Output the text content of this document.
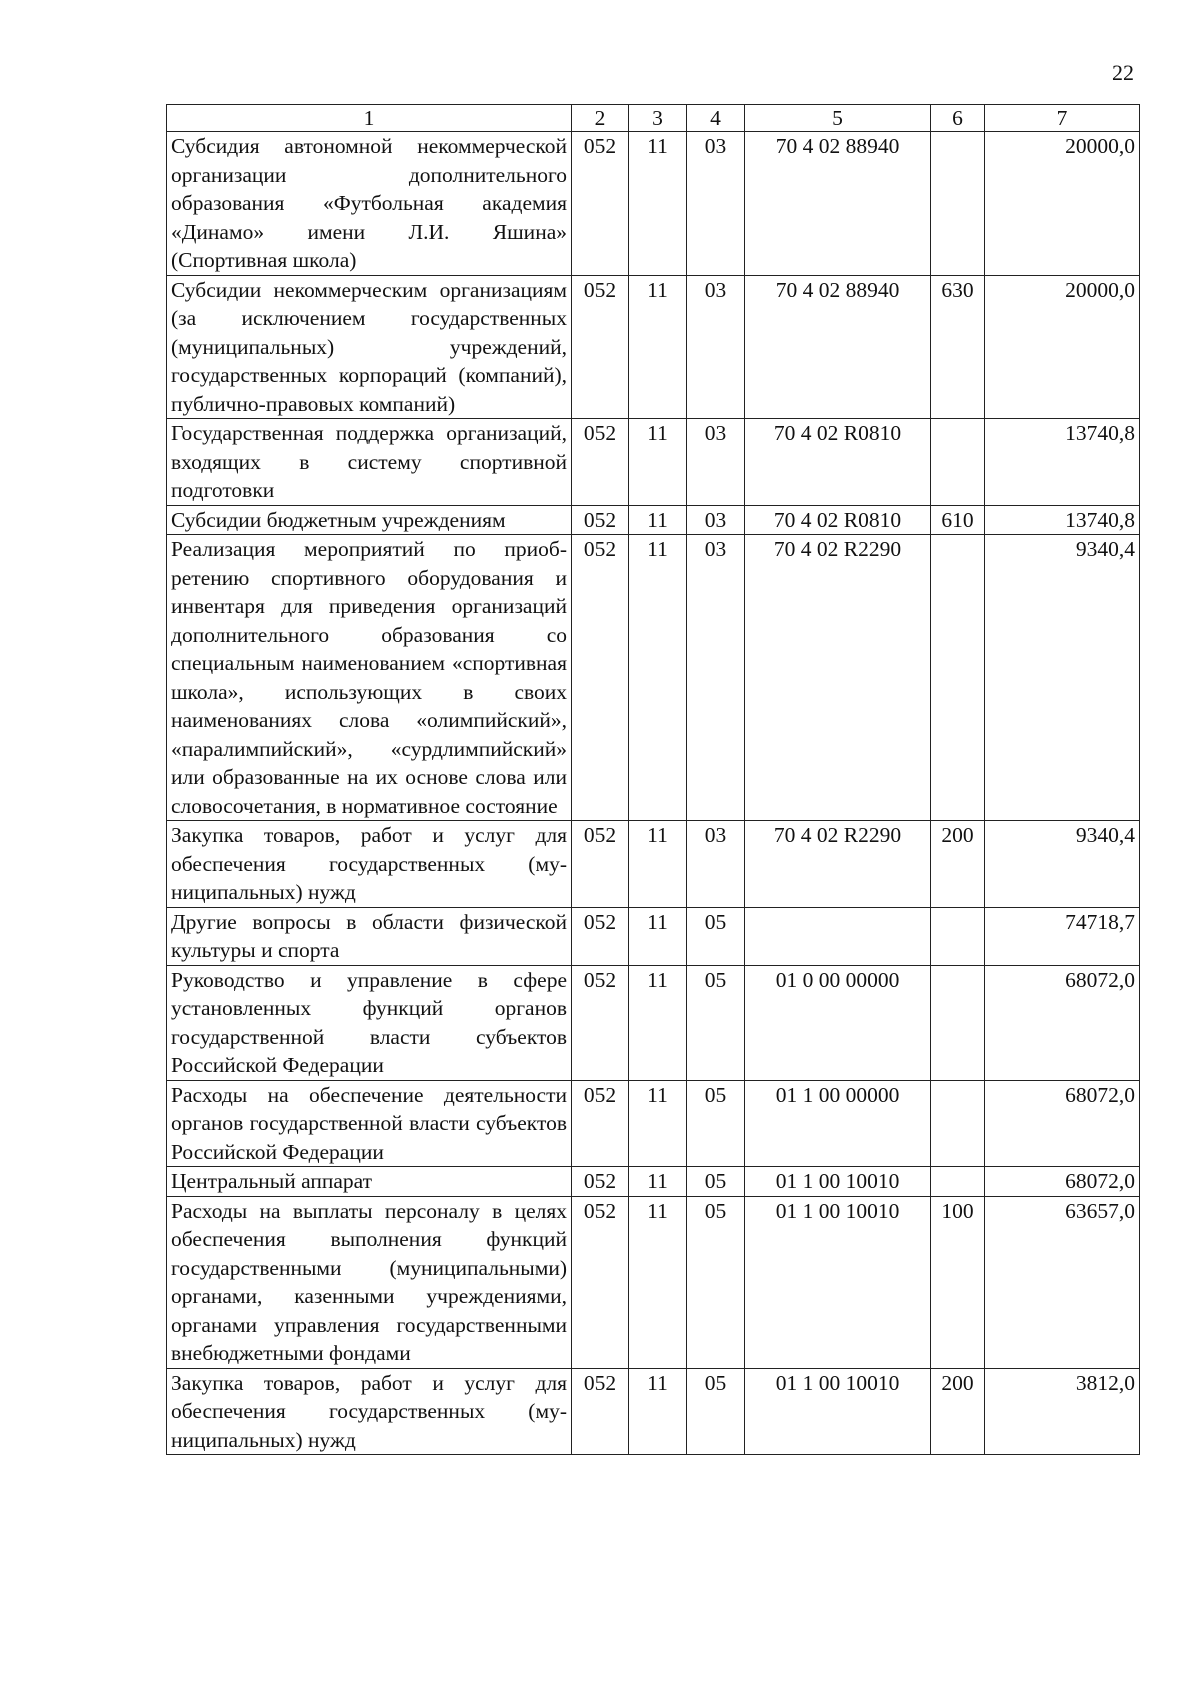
22
1	2	3	4	5	6	7
Субсидия автономной некоммерческой организации дополнительного образования «Футбольная академия «Динамо» имени Л.И. Яшина» (Спортивная школа)	052	11	03	70 4 02 88940		20000,0
Субсидии некоммерческим организациям (за исключением государственных (муниципальных) учреждений, государственных корпораций (компаний), публично-правовых компаний)	052	11	03	70 4 02 88940	630	20000,0
Государственная поддержка организаций, входящих в систему спортивной подготовки	052	11	03	70 4 02 R0810		13740,8
Субсидии бюджетным учреждениям	052	11	03	70 4 02 R0810	610	13740,8
Реализация мероприятий по приобретению спортивного оборудования и инвентаря для приведения организаций дополнительного образования со специальным наименованием «спортивная школа», использующих в своих наименованиях слова «олимпийский», «паралимпийский», «сурдлимпийский» или образованные на их основе слова или словосочетания, в нормативное состояние	052	11	03	70 4 02 R2290		9340,4
Закупка товаров, работ и услуг для обеспечения государственных (муниципальных) нужд	052	11	03	70 4 02 R2290	200	9340,4
Другие вопросы в области физической культуры и спорта	052	11	05			74718,7
Руководство и управление в сфере установленных функций органов государственной власти субъектов Российской Федерации	052	11	05	01 0 00 00000		68072,0
Расходы на обеспечение деятельности органов государственной власти субъектов Российской Федерации	052	11	05	01 1 00 00000		68072,0
Центральный аппарат	052	11	05	01 1 00 10010		68072,0
Расходы на выплаты персоналу в целях обеспечения выполнения функций государственными (муниципальными) органами, казенными учреждениями, органами управления государственными внебюджетными фондами	052	11	05	01 1 00 10010	100	63657,0
Закупка товаров, работ и услуг для обеспечения государственных (муниципальных) нужд	052	11	05	01 1 00 10010	200	3812,0
